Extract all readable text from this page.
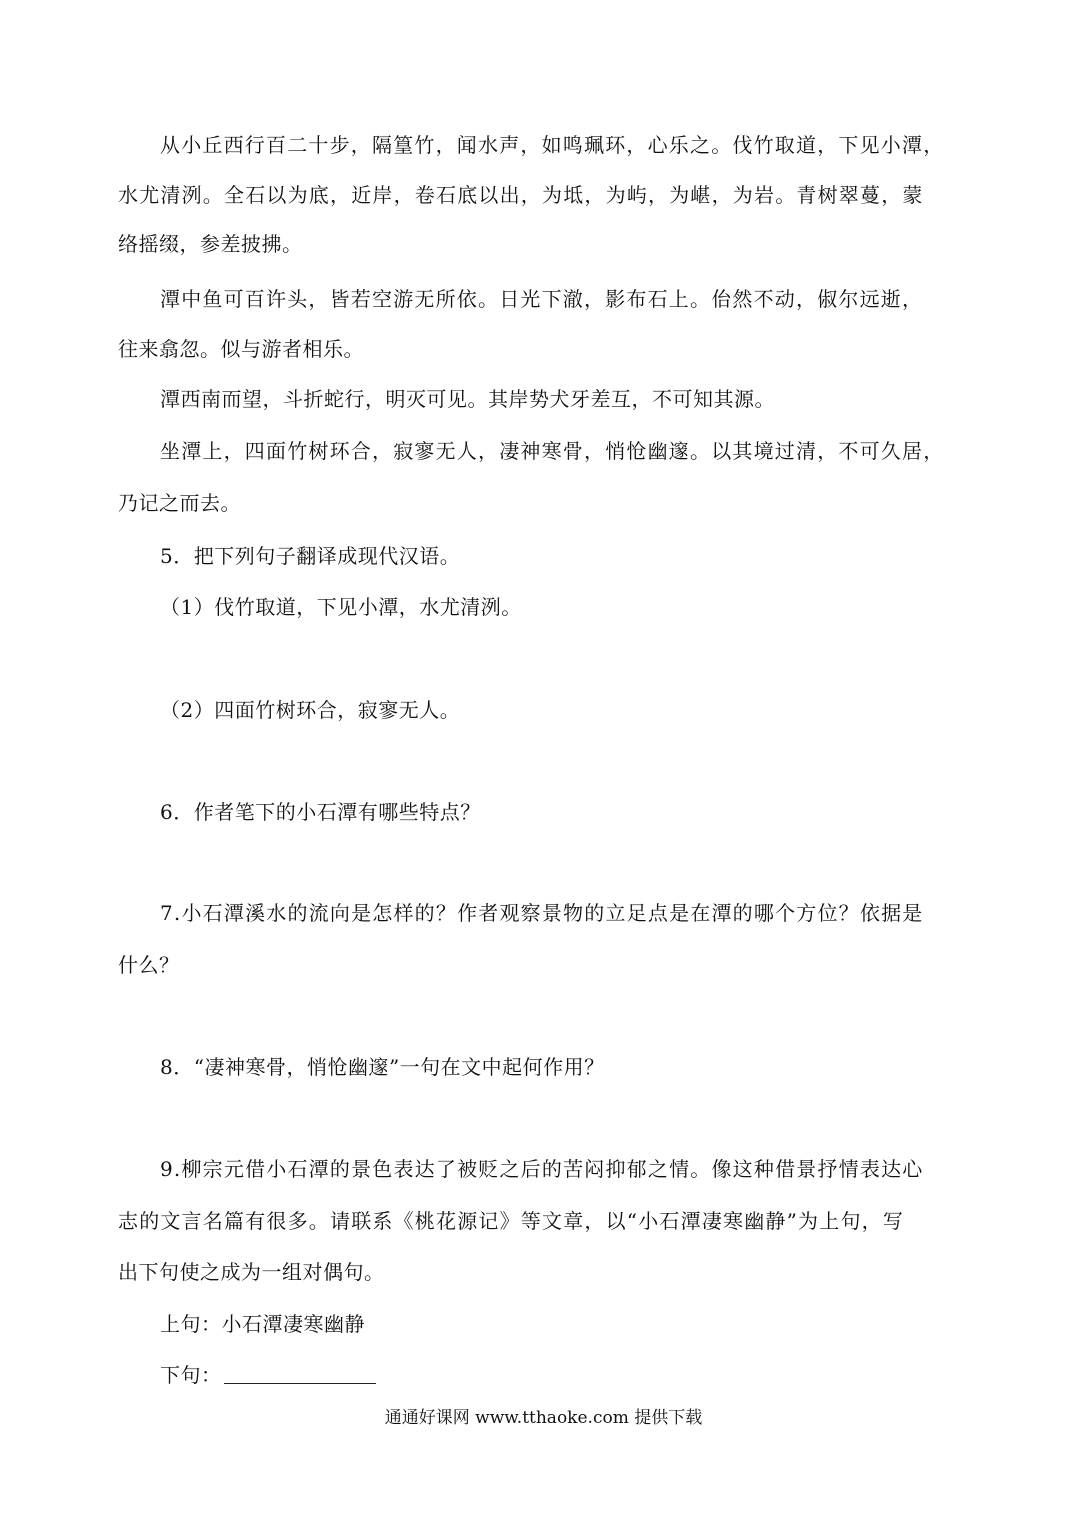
从小丘西行百二十步，隔篁竹，闻水声，如鸣珮环，心乐之。伐竹取道，下见小潭，
水尤清洌。全石以为底，近岸，卷石底以出，为坻，为屿，为嵁，为岩。青树翠蔓，蒙
络摇缀，参差披拂。
潭中鱼可百许头，皆若空游无所依。日光下澈，影布石上。佁然不动，俶尔远逝，
往来翕忽。似与游者相乐。
潭西南而望，斗折蛇行，明灭可见。其岸势犬牙差互，不可知其源。
坐潭上，四面竹树环合，寂寥无人，凄神寒骨，悄怆幽邃。以其境过清，不可久居，
乃记之而去。
5．把下列句子翻译成现代汉语。
（1）伐竹取道，下见小潭，水尤清洌。
（2）四面竹树环合，寂寥无人。
6．作者笔下的小石潭有哪些特点？
7.小石潭溪水的流向是怎样的？作者观察景物的立足点是在潭的哪个方位？依据是
什么？
8．“凄神寒骨，悄怆幽邃”一句在文中起何作用？
9.柳宗元借小石潭的景色表达了被贬之后的苦闷抑郁之情。像这种借景抒情表达心
志的文言名篇有很多。请联系《桃花源记》等文章，以“小石潭凄寒幽静”为上句，写
出下句使之成为一组对偶句。
上句：小石潭凄寒幽静
下句：
通通好课网 www.tthaoke.com 提供下载
